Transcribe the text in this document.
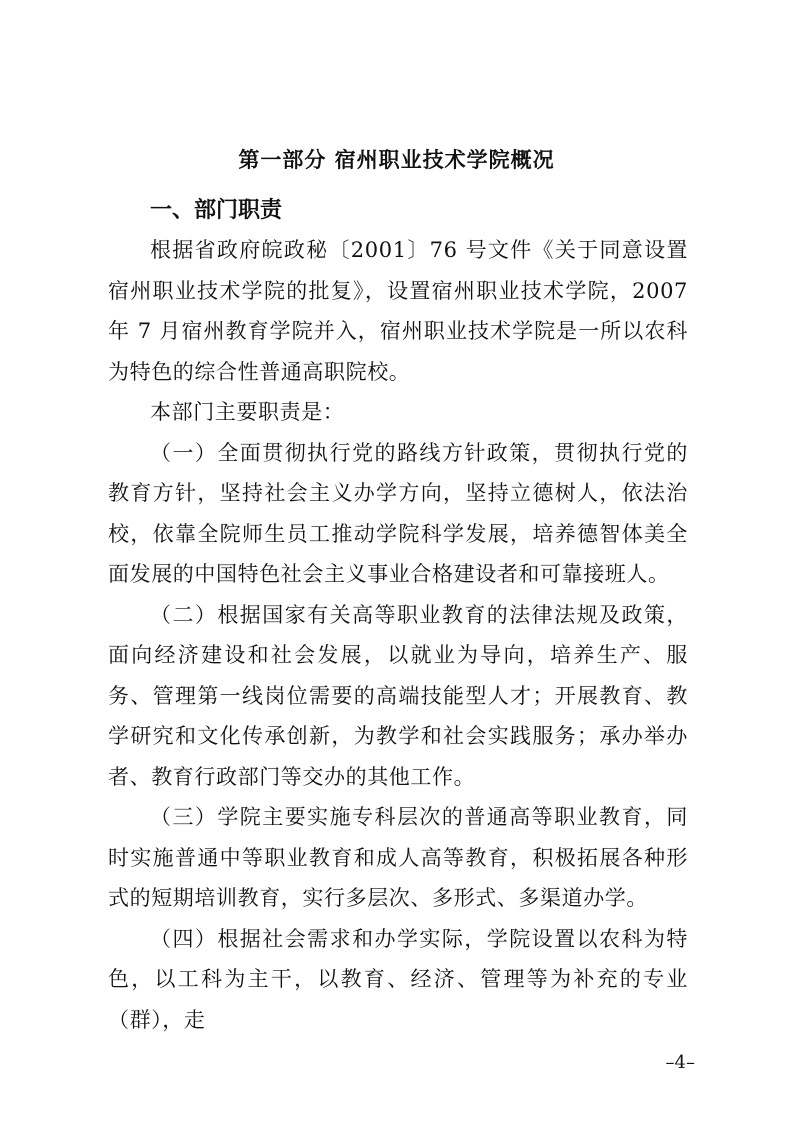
第一部分 宿州职业技术学院概况
一、部门职责

根据省政府皖政秘〔2001〕76 号文件《关于同意设置宿州职业技术学院的批复》，设置宿州职业技术学院，2007 年 7 月宿州教育学院并入，宿州职业技术学院是一所以农科为特色的综合性普通高职院校。

本部门主要职责是：

（一）全面贯彻执行党的路线方针政策，贯彻执行党的教育方针，坚持社会主义办学方向，坚持立德树人，依法治校，依靠全院师生员工推动学院科学发展，培养德智体美全面发展的中国特色社会主义事业合格建设者和可靠接班人。

（二）根据国家有关高等职业教育的法律法规及政策，面向经济建设和社会发展，以就业为导向，培养生产、服务、管理第一线岗位需要的高端技能型人才；开展教育、教学研究和文化传承创新，为教学和社会实践服务；承办举办者、教育行政部门等交办的其他工作。

（三）学院主要实施专科层次的普通高等职业教育，同时实施普通中等职业教育和成人高等教育，积极拓展各种形式的短期培训教育，实行多层次、多形式、多渠道办学。

（四）根据社会需求和办学实际，学院设置以农科为特色，以工科为主干，以教育、经济、管理等为补充的专业（群），走

–4–
